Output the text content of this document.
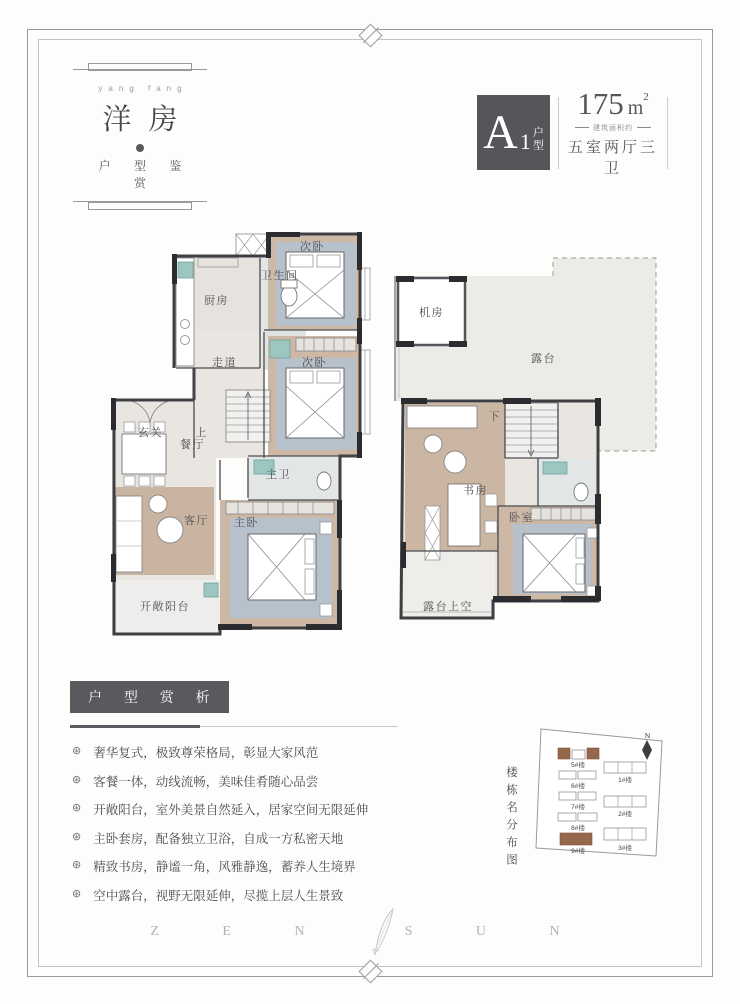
yang fang
洋房
户 型 鉴 赏
A 1 户
型
175 $m^2$
建筑面积约
五室两厅三卫
厨房
卫生间
次卧
次卧
走道
玄关
餐厅
客厅
上
主卫
主卧
开敞阳台
机房
露台
下
书房
卧室
露台上空
户 型 赏 析
⊛ 奢华复式，极致尊荣格局，彰显大家风范
⊛ 客餐一体，动线流畅，美味佳肴随心品尝
⊛ 开敞阳台，室外美景自然延入，居家空间无限延伸
⊛ 主卧套房，配备独立卫浴，自成一方私密天地
⊛ 精致书房，静谧一角，风雅静逸，蓄养人生境界
⊛ 空中露台，视野无限延伸，尽揽上层人生景致
楼栋名分布图
N
5#楼
6#楼
7#楼
8#楼
9#楼
1#楼
2#楼
3#楼
Z E N	S U N
